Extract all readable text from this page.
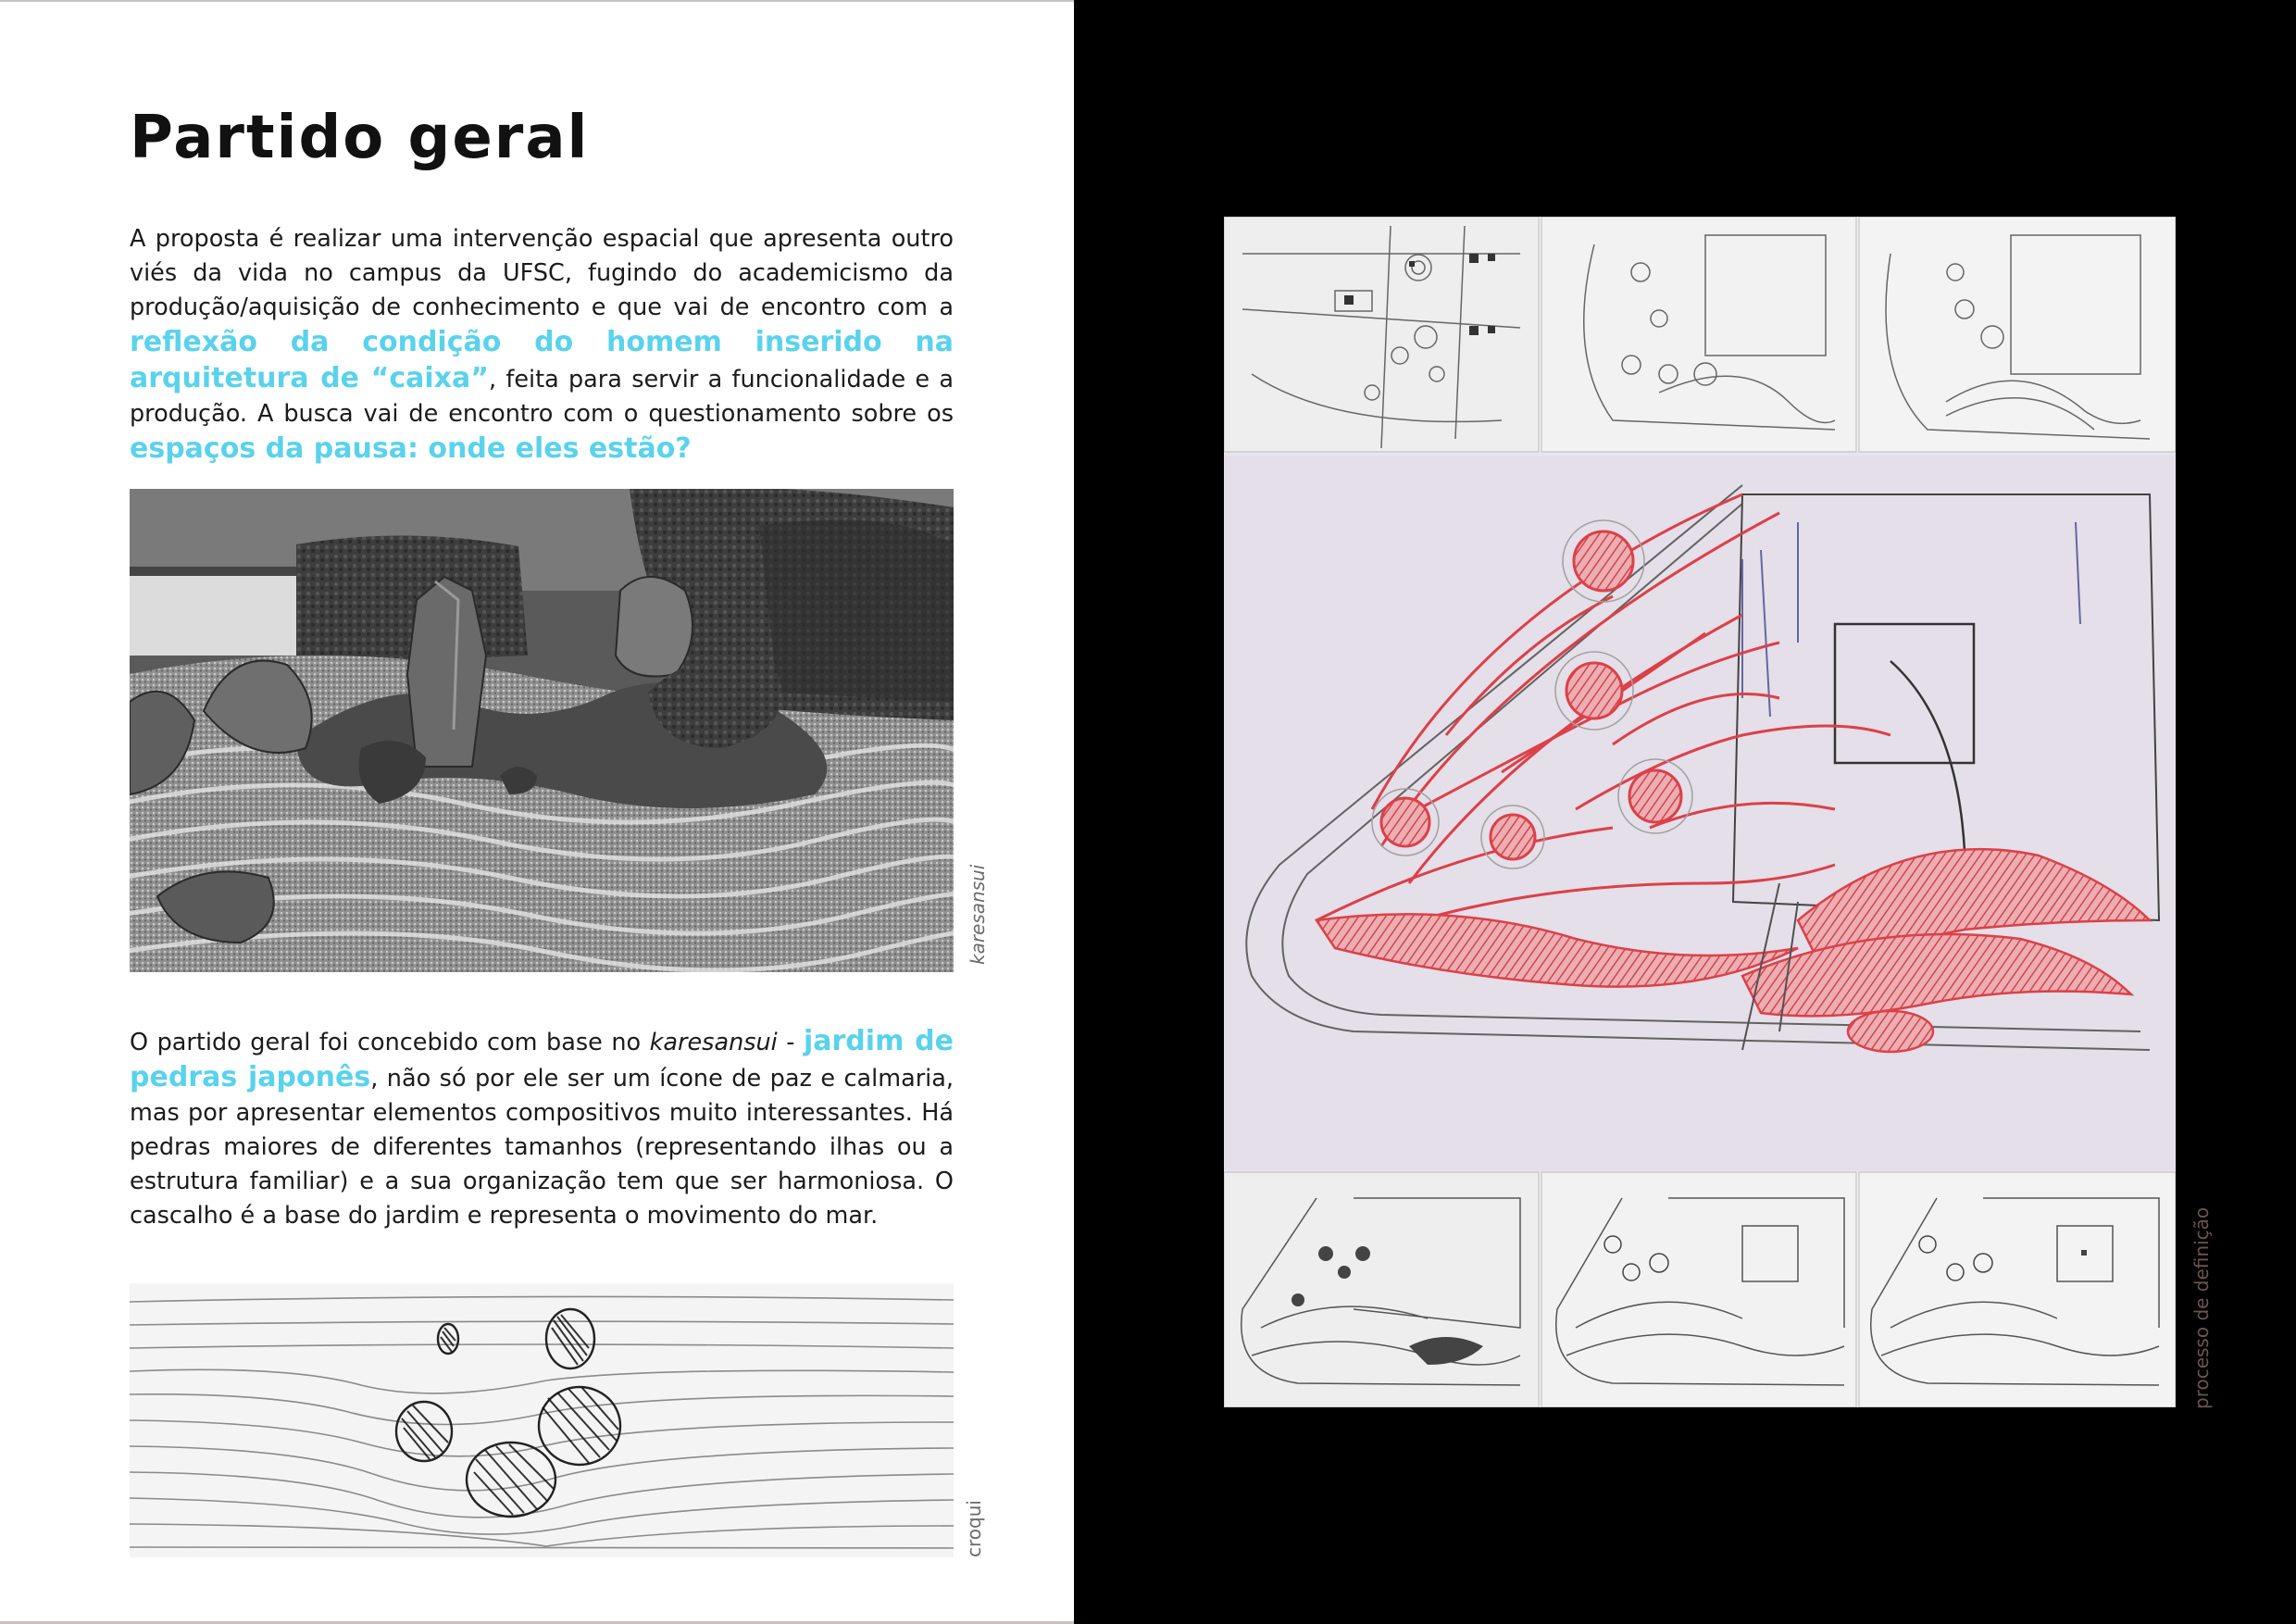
Partido geral

A proposta é realizar uma intervenção espacial que apresenta outro viés da vida no campus da UFSC, fugindo do academicismo da produção/aquisição de conhecimento e que vai de encontro com a reflexão da condição do homem inserido na arquitetura de “caixa”, feita para servir a funcionalidade e a produção. A busca vai de encontro com o questionamento sobre os espaços da pausa: onde eles estão?

karesansui

O partido geral foi concebido com base no karesansui - jardim de pedras japonês, não só por ele ser um ícone de paz e calmaria, mas por apresentar elementos compositivos muito interessantes. Há pedras maiores de diferentes tamanhos (representando ilhas ou a estrutura familiar) e a sua organização tem que ser harmoniosa. O cascalho é a base do jardim e representa o movimento do mar.

croqui
processo de definição
